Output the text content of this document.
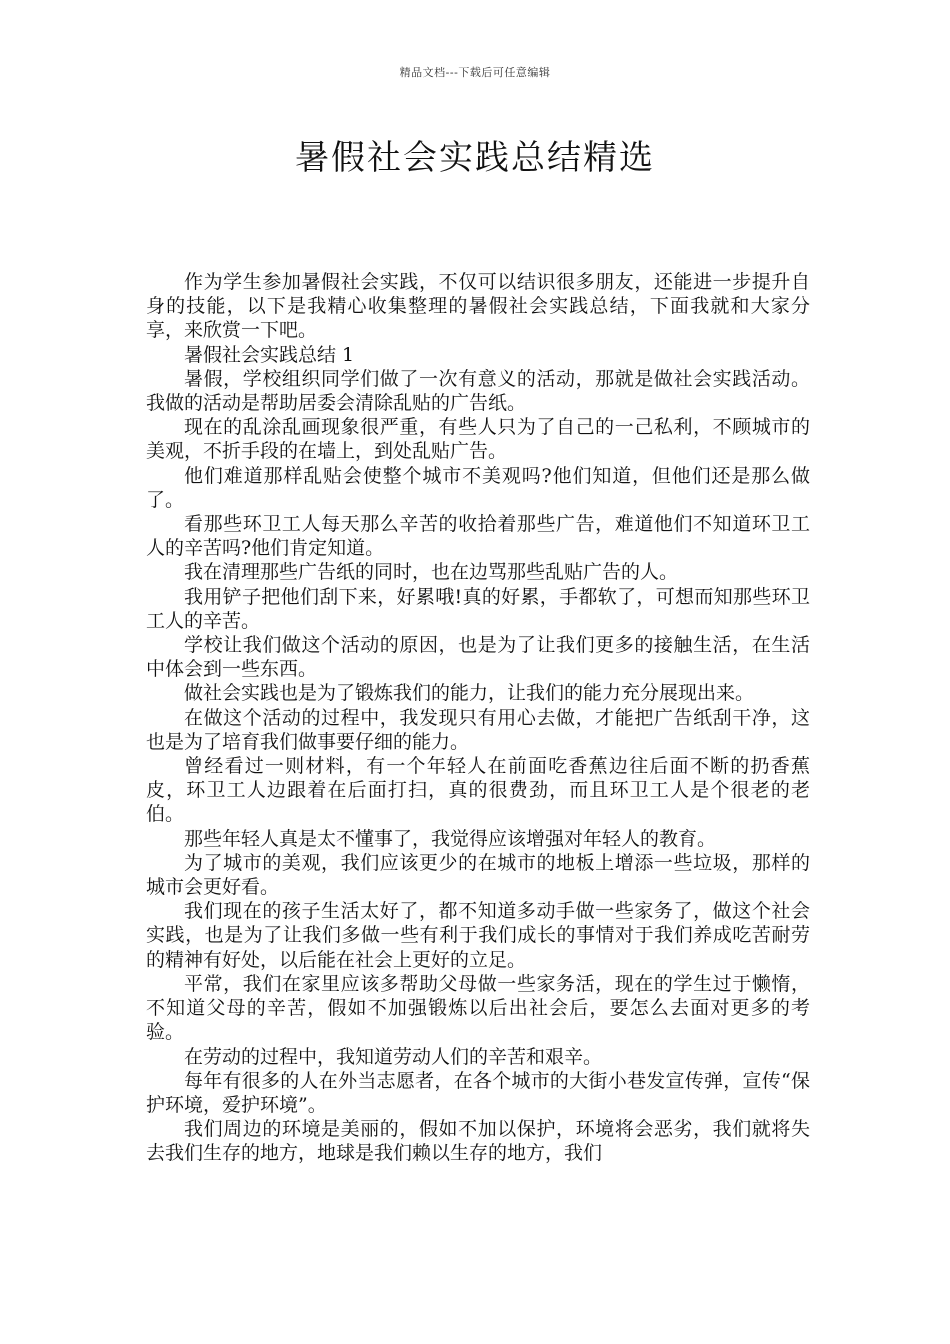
精品文档---下载后可任意编辑
暑假社会实践总结精选

作为学生参加暑假社会实践，不仅可以结识很多朋友，还能进一步提升自身的技能，以下是我精心收集整理的暑假社会实践总结，下面我就和大家分享，来欣赏一下吧。

暑假社会实践总结 1

暑假，学校组织同学们做了一次有意义的活动，那就是做社会实践活动。我做的活动是帮助居委会清除乱贴的广告纸。

现在的乱涂乱画现象很严重，有些人只为了自己的一己私利，不顾城市的美观，不折手段的在墙上，到处乱贴广告。

他们难道那样乱贴会使整个城市不美观吗?他们知道，但他们还是那么做了。

看那些环卫工人每天那么辛苦的收拾着那些广告，难道他们不知道环卫工人的辛苦吗?他们肯定知道。

我在清理那些广告纸的同时，也在边骂那些乱贴广告的人。

我用铲子把他们刮下来，好累哦!真的好累，手都软了，可想而知那些环卫工人的辛苦。

学校让我们做这个活动的原因，也是为了让我们更多的接触生活，在生活中体会到一些东西。

做社会实践也是为了锻炼我们的能力，让我们的能力充分展现出来。

在做这个活动的过程中，我发现只有用心去做，才能把广告纸刮干净，这也是为了培育我们做事要仔细的能力。

曾经看过一则材料，有一个年轻人在前面吃香蕉边往后面不断的扔香蕉皮，环卫工人边跟着在后面打扫，真的很费劲，而且环卫工人是个很老的老伯。

那些年轻人真是太不懂事了，我觉得应该增强对年轻人的教育。

为了城市的美观，我们应该更少的在城市的地板上增添一些垃圾，那样的城市会更好看。

我们现在的孩子生活太好了，都不知道多动手做一些家务了，做这个社会实践，也是为了让我们多做一些有利于我们成长的事情对于我们养成吃苦耐劳的精神有好处，以后能在社会上更好的立足。

平常，我们在家里应该多帮助父母做一些家务活，现在的学生过于懒惰，不知道父母的辛苦，假如不加强锻炼以后出社会后，要怎么去面对更多的考验。

在劳动的过程中，我知道劳动人们的辛苦和艰辛。

每年有很多的人在外当志愿者，在各个城市的大街小巷发宣传弹，宣传“保护环境，爱护环境”。

我们周边的环境是美丽的，假如不加以保护，环境将会恶劣，我们就将失去我们生存的地方，地球是我们赖以生存的地方，我们
